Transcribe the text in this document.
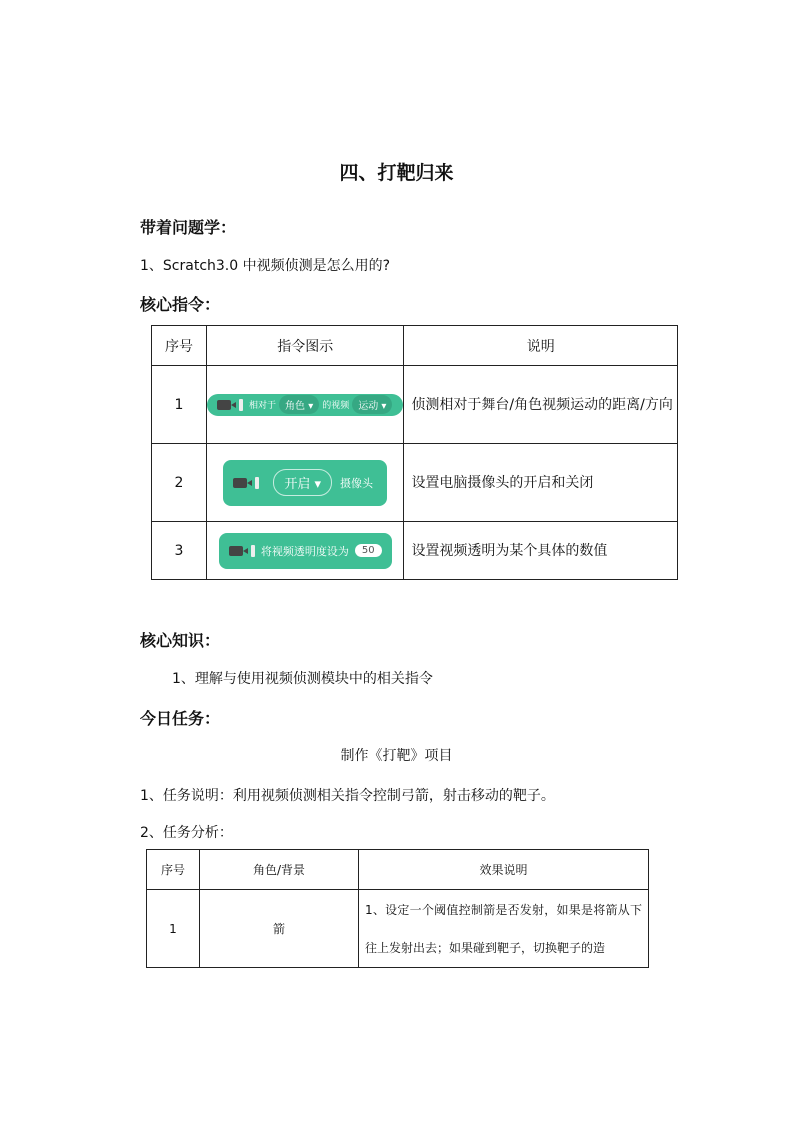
四、打靶归来
带着问题学：
1、Scratch3.0 中视频侦测是怎么用的?
核心指令：
序号	指令图示	说明
1	相对于 角色 ▾ 的视频 运动 ▾	侦测相对于舞台/角色视频运动的距离/方向
2	开启 ▾ 摄像头	设置电脑摄像头的开启和关闭
3	将视频透明度设为 50	设置视频透明为某个具体的数值
核心知识：
1、理解与使用视频侦测模块中的相关指令
今日任务：
制作《打靶》项目
1、任务说明：利用视频侦测相关指令控制弓箭，射击移动的靶子。
2、任务分析：
序号	角色/背景	效果说明
1	箭	1、设定一个阈值控制箭是否发射，如果是将箭从下往上发射出去；如果碰到靶子，切换靶子的造
